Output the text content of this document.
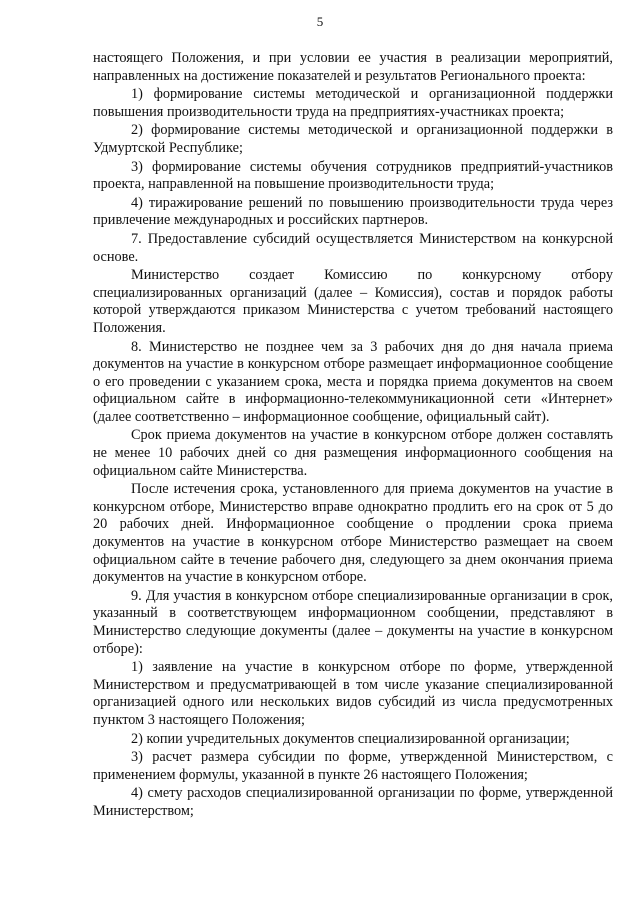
5

настоящего Положения, и при условии ее участия в реализации мероприятий, направленных на достижение показателей и результатов Регионального проекта:

1) формирование системы методической и организационной поддержки повышения производительности труда на предприятиях-участниках проекта;

2) формирование системы методической и организационной поддержки в Удмуртской Республике;

3) формирование системы обучения сотрудников предприятий-участников проекта, направленной на повышение производительности труда;

4) тиражирование решений по повышению производительности труда через привлечение международных и российских партнеров.

7. Предоставление субсидий осуществляется Министерством на конкурсной основе.

Министерство создает Комиссию по конкурсному отбору специализированных организаций (далее – Комиссия), состав и порядок работы которой утверждаются приказом Министерства с учетом требований настоящего Положения.

8. Министерство не позднее чем за 3 рабочих дня до дня начала приема документов на участие в конкурсном отборе размещает информационное сообщение о его проведении с указанием срока, места и порядка приема документов на своем официальном сайте в информационно-телекоммуникационной сети «Интернет» (далее соответственно – информационное сообщение, официальный сайт).

Срок приема документов на участие в конкурсном отборе должен составлять не менее 10 рабочих дней со дня размещения информационного сообщения на официальном сайте Министерства.

После истечения срока, установленного для приема документов на участие в конкурсном отборе, Министерство вправе однократно продлить его на срок от 5 до 20 рабочих дней. Информационное сообщение о продлении срока приема документов на участие в конкурсном отборе Министерство размещает на своем официальном сайте в течение рабочего дня, следующего за днем окончания приема документов на участие в конкурсном отборе.

9. Для участия в конкурсном отборе специализированные организации в срок, указанный в соответствующем информационном сообщении, представляют в Министерство следующие документы (далее – документы на участие в конкурсном отборе):

1) заявление на участие в конкурсном отборе по форме, утвержденной Министерством и предусматривающей в том числе указание специализированной организацией одного или нескольких видов субсидий из числа предусмотренных пунктом 3 настоящего Положения;

2) копии учредительных документов специализированной организации;

3) расчет размера субсидии по форме, утвержденной Министерством, с применением формулы, указанной в пункте 26 настоящего Положения;

4) смету расходов специализированной организации по форме, утвержденной Министерством;
